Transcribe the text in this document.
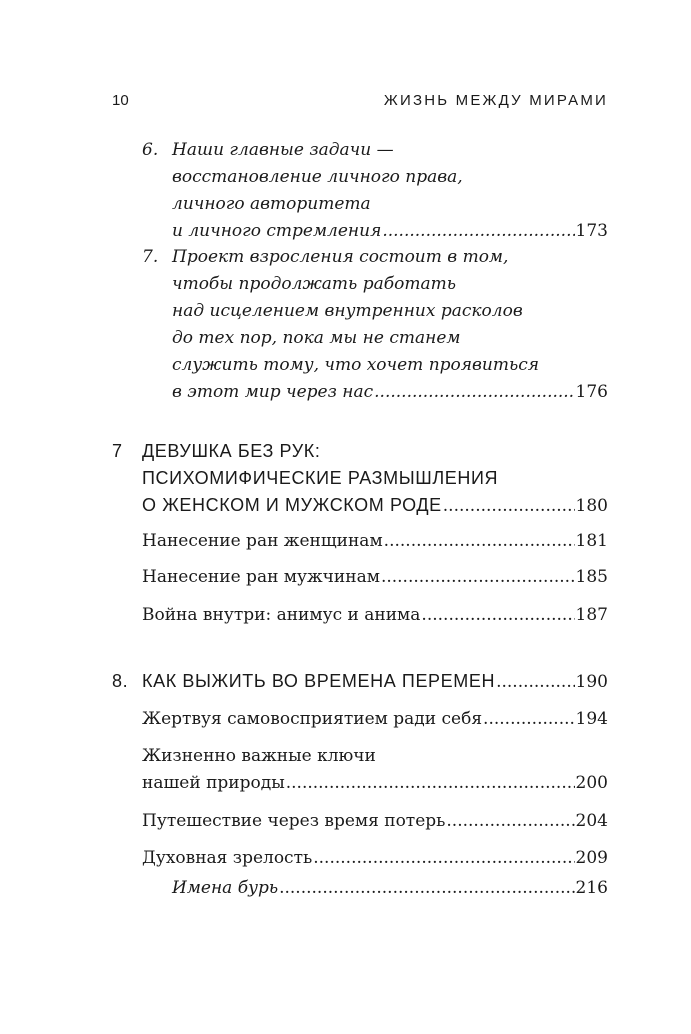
10	ЖИЗНЬ МЕЖДУ МИРАМИ
6. Наши главные задачи —
восстановление личного права,
личного авторитета
и личного стремления .....	173
7. Проект взросления состоит в том,
чтобы продолжать работать
над исцелением внутренних расколов
до тех пор, пока мы не станем
служить тому, что хочет проявиться
в этот мир через нас .....	176
7 ДЕВУШКА БЕЗ РУК:
ПСИХОМИФИЧЕСКИЕ РАЗМЫШЛЕНИЯ
О ЖЕНСКОМ И МУЖСКОМ РОДЕ .....	180
Нанесение ран женщинам .....	181
Нанесение ран мужчинам .....	185
Война внутри: анимус и анима .....	187
8. КАК ВЫЖИТЬ ВО ВРЕМЕНА ПЕРЕМЕН .....	190
Жертвуя самовосприятием ради себя .....	194
Жизненно важные ключи
нашей природы .....	200
Путешествие через время потерь .....	204
Духовная зрелость .....	209
Имена бурь .....	216
